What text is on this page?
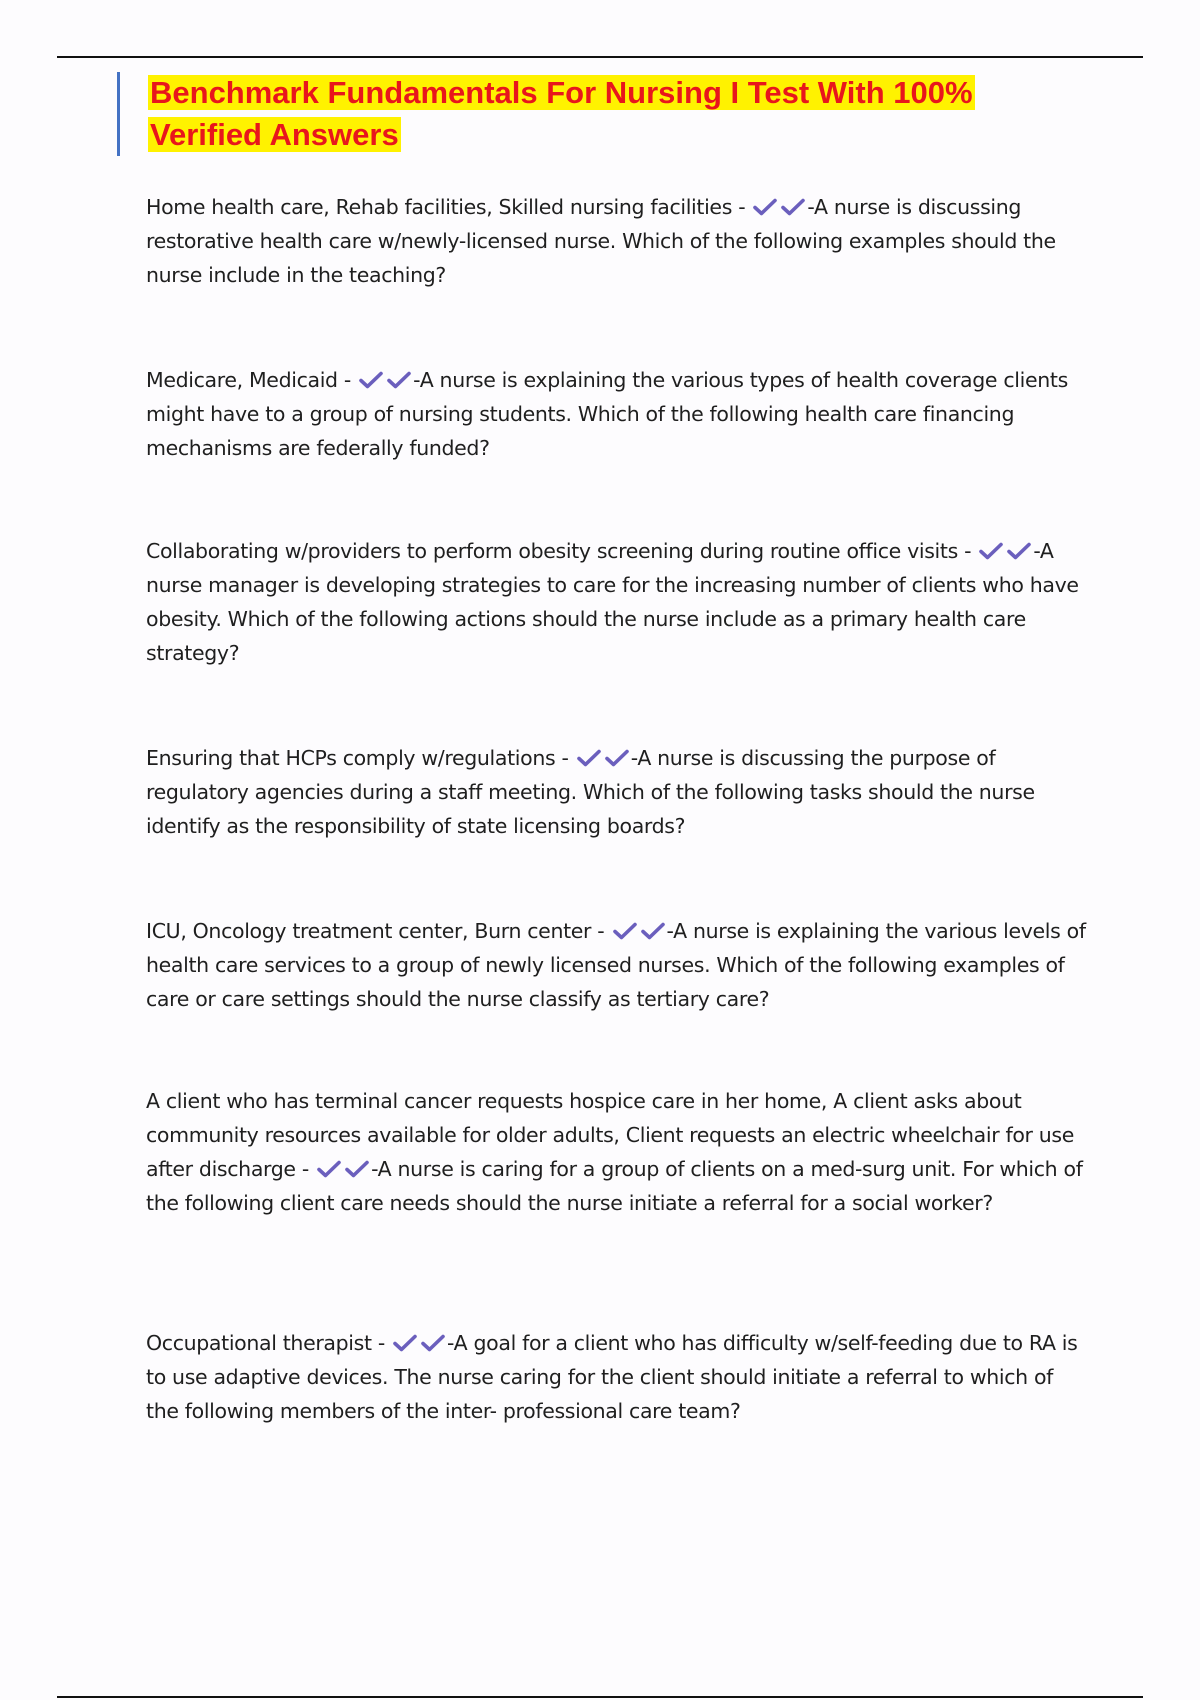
Benchmark Fundamentals For Nursing I Test With 100%
Verified Answers

Home health care, Rehab facilities, Skilled nursing facilities -	-A nurse is discussing restorative health care w/newly-licensed nurse. Which of the following examples should the nurse include in the teaching?

Medicare, Medicaid -	-A nurse is explaining the various types of health coverage clients might have to a group of nursing students. Which of the following health care financing mechanisms are federally funded?

Collaborating w/providers to perform obesity screening during routine office visits -	-A nurse manager is developing strategies to care for the increasing number of clients who have obesity. Which of the following actions should the nurse include as a primary health care strategy?

Ensuring that HCPs comply w/regulations -	-A nurse is discussing the purpose of regulatory agencies during a staff meeting. Which of the following tasks should the nurse identify as the responsibility of state licensing boards?

ICU, Oncology treatment center, Burn center -	-A nurse is explaining the various levels of health care services to a group of newly licensed nurses. Which of the following examples of care or care settings should the nurse classify as tertiary care?

A client who has terminal cancer requests hospice care in her home, A client asks about community resources available for older adults, Client requests an electric wheelchair for use after discharge -	-A nurse is caring for a group of clients on a med-surg unit. For which of the following client care needs should the nurse initiate a referral for a social worker?

Occupational therapist -	-A goal for a client who has difficulty w/self-feeding due to RA is to use adaptive devices. The nurse caring for the client should initiate a referral to which of the following members of the inter- professional care team?
